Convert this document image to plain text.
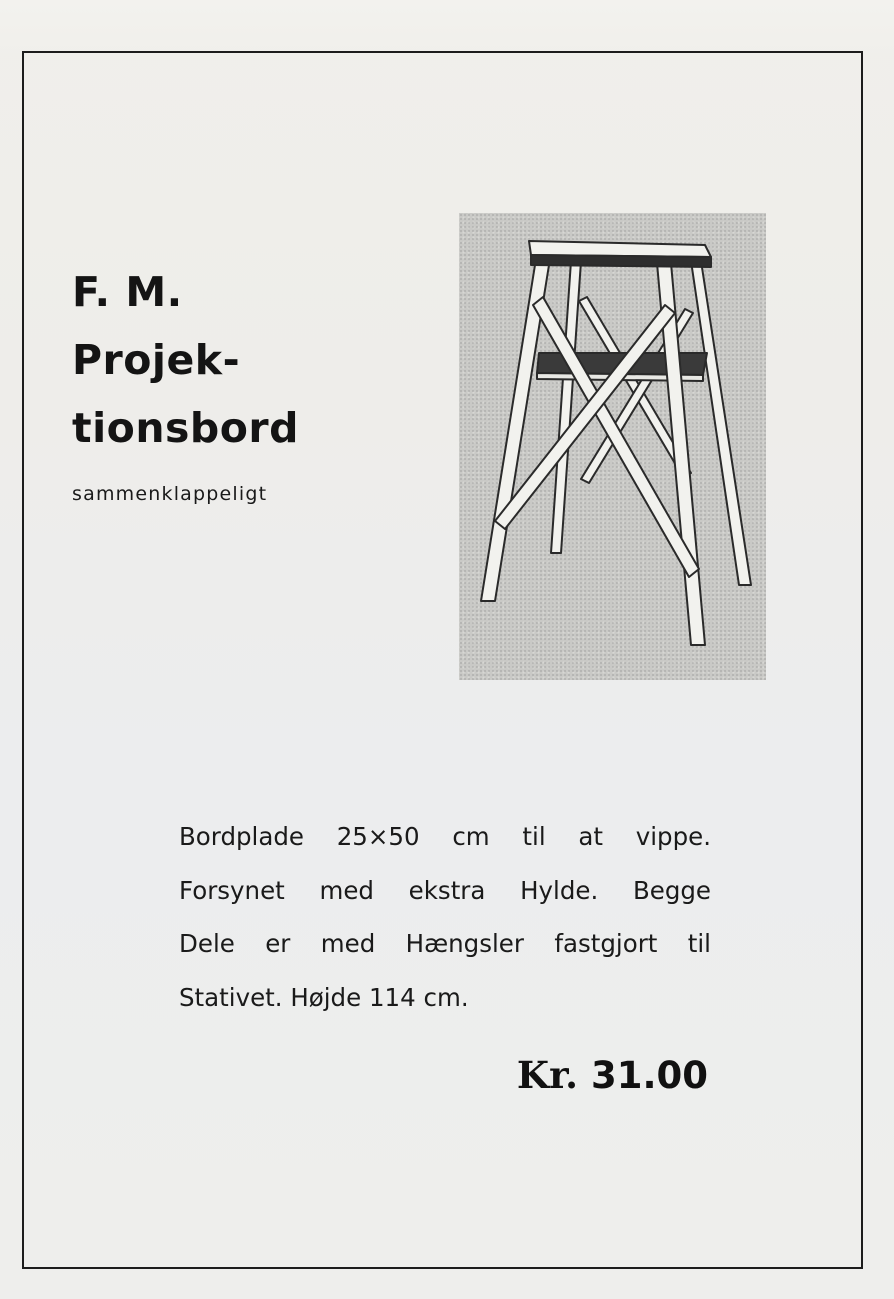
F. M.
Projek-
tionsbord
sammenklappeligt
Bordplade 25×50 cm til at vippe.
Forsynet med ekstra Hylde. Begge
Dele er med Hængsler fastgjort til
Stativet. Højde 114 cm.
Kr. 31.00
